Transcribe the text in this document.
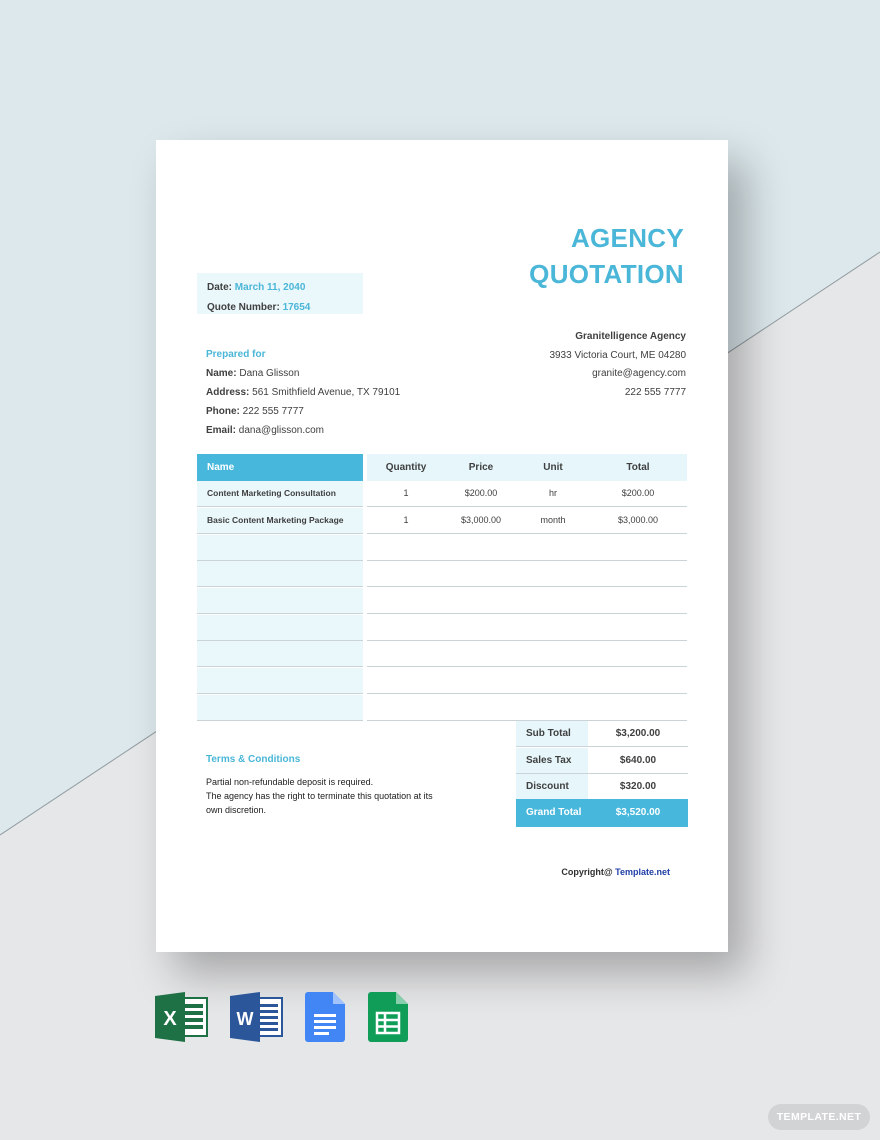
AGENCY
QUOTATION
Date: March 11, 2040
Quote Number: 17654
Prepared for
Name: Dana Glisson
Address: 561 Smithfield Avenue, TX 79101
Phone: 222 555 7777
Email: dana@glisson.com
Granitelligence Agency
3933 Victoria Court, ME 04280
granite@agency.com
222 555 7777
Name	Quantity	Price	Unit	Total
Content Marketing Consultation	1	$200.00	hr	$200.00
Basic Content Marketing Package	1	$3,000.00	month	$3,000.00
Terms & Conditions
Partial non-refundable deposit is required.
The agency has the right to terminate this quotation at its
own discretion.
Sub Total	$3,200.00
Sales Tax	$640.00
Discount	$320.00
Grand Total	$3,520.00
Copyright@ Template.net
X	W
TEMPLATE.NET
